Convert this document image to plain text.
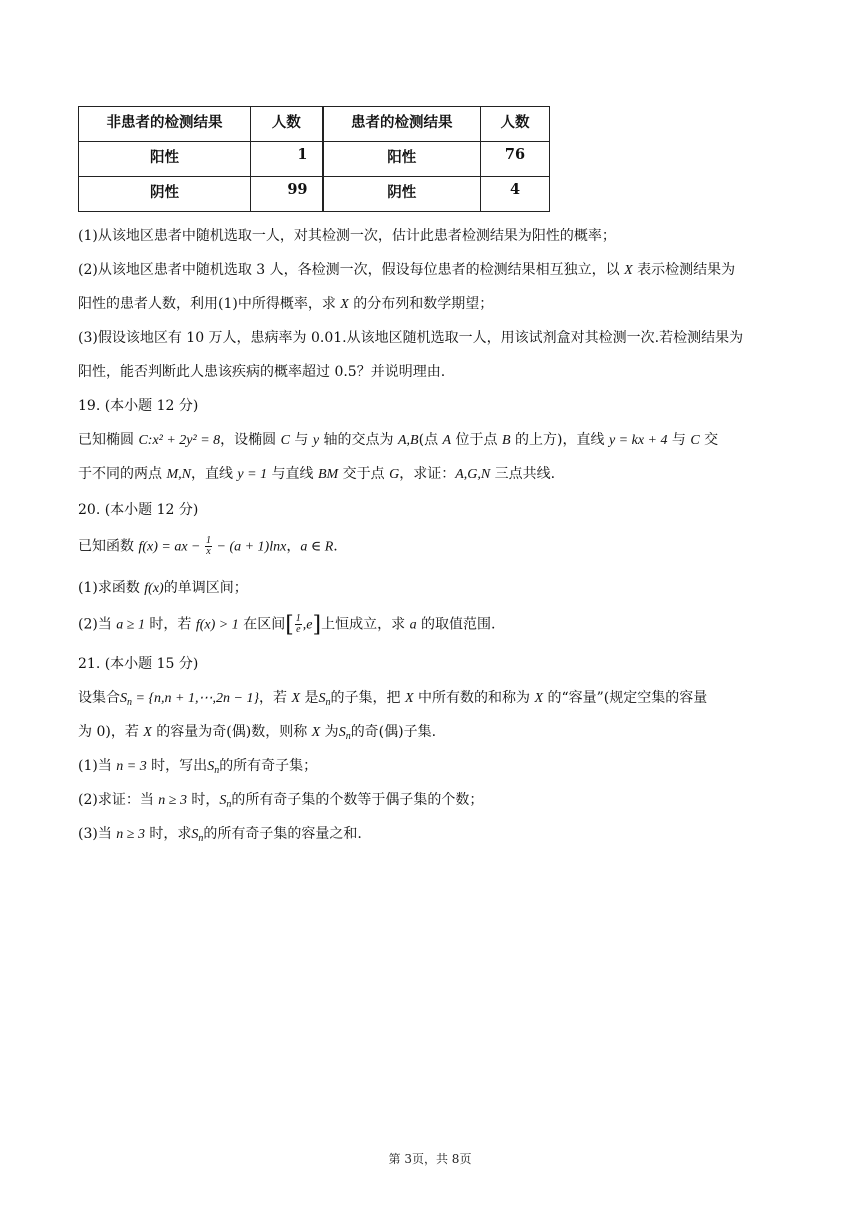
非患者的检测结果	人数	患者的检测结果	人数
阳性	1	阳性	76
阴性	99	阴性	4
(1)从该地区患者中随机选取一人，对其检测一次，估计此患者检测结果为阳性的概率；
(2)从该地区患者中随机选取 3 人，各检测一次，假设每位患者的检测结果相互独立，以 X 表示检测结果为
阳性的患者人数，利用(1)中所得概率，求 X 的分布列和数学期望；
(3)假设该地区有 10 万人，患病率为 0.01.从该地区随机选取一人，用该试剂盒对其检测一次.若检测结果为
阳性，能否判断此人患该疾病的概率超过 0.5？并说明理由.
19. (本小题 12 分)
已知椭圆 C:x² + 2y² = 8，设椭圆 C 与 y 轴的交点为 A,B(点 A 位于点 B 的上方)，直线 y = kx + 4 与 C 交
于不同的两点 M,N，直线 y = 1 与直线 BM 交于点 G，求证：A,G,N 三点共线.
20. (本小题 12 分)
已知函数 f(x) = ax − $\frac{1}{x} - (a + 1)\ln x$，a ∈ R.
(1)求函数 f(x)的单调区间；
(2)当 a ≥ 1 时，若 f(x) > 1 在区间[ $\frac{1}{e} ,e$]上恒成立，求 a 的取值范围.
21. (本小题 15 分)
设集合$S_n = \{n,n$ + 1,⋯,2n − 1}，若 X 是$S_n$的子集，把 X 中所有数的和称为 X 的“容量”(规定空集的容量
为 0)，若 X 的容量为奇(偶)数，则称 X 为$S_n$的奇(偶)子集.
(1)当 n = 3 时，写出$S_n$的所有奇子集；
(2)求证：当 n ≥ 3 时，$S_n$的所有奇子集的个数等于偶子集的个数；
(3)当 n ≥ 3 时，求$S_n$的所有奇子集的容量之和.
第 3页，共 8页
